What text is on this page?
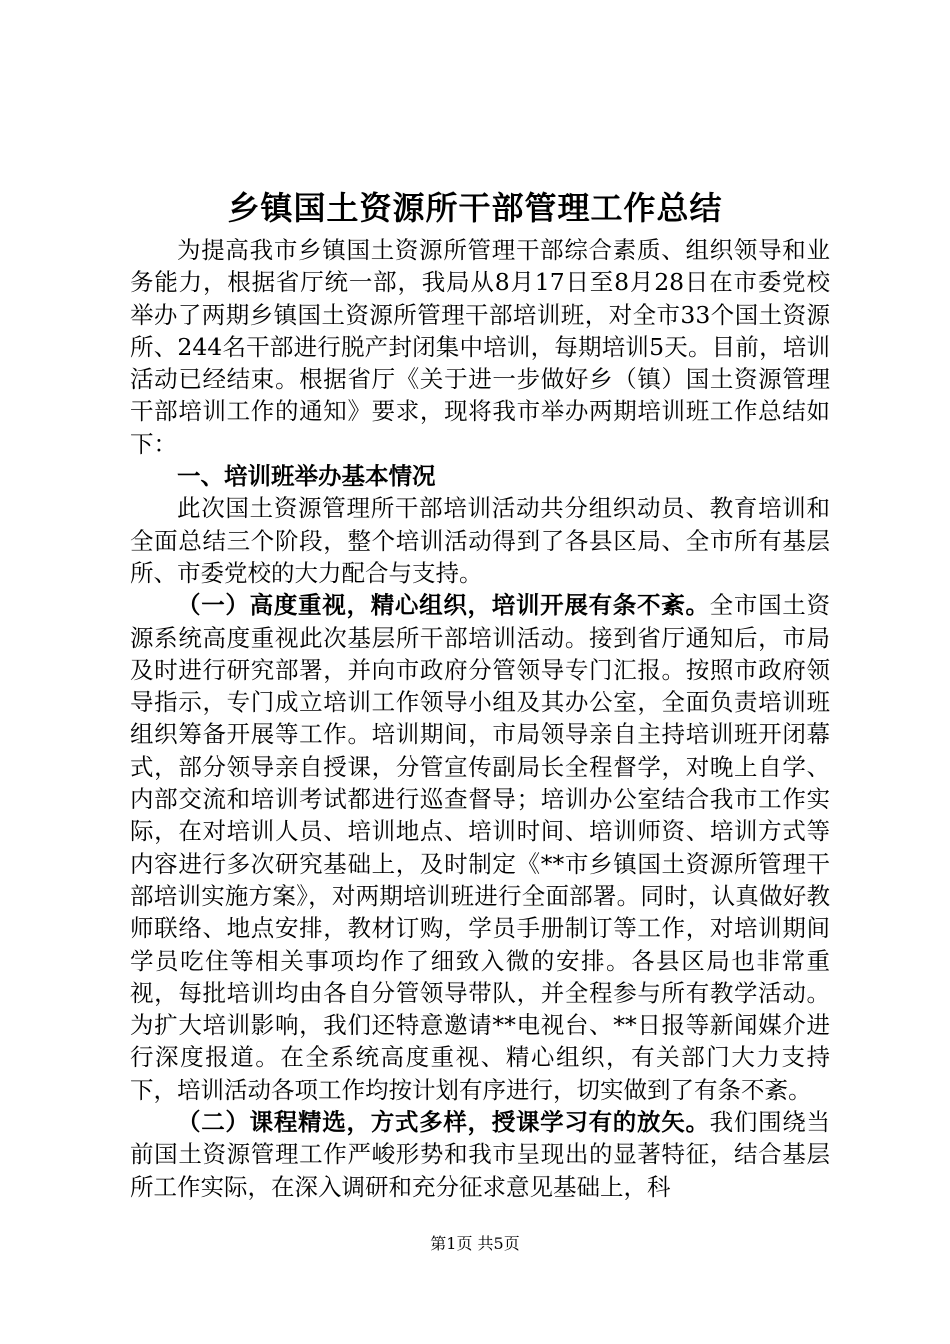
乡镇国土资源所干部管理工作总结

为提高我市乡镇国土资源所管理干部综合素质、组织领导和业务能力，根据省厅统一部，我局从8月17日至8月28日在市委党校举办了两期乡镇国土资源所管理干部培训班，对全市33个国土资源所、244名干部进行脱产封闭集中培训，每期培训5天。目前，培训活动已经结束。根据省厅《关于进一步做好乡（镇）国土资源管理干部培训工作的通知》要求，现将我市举办两期培训班工作总结如下：

一、培训班举办基本情况

此次国土资源管理所干部培训活动共分组织动员、教育培训和全面总结三个阶段，整个培训活动得到了各县区局、全市所有基层所、市委党校的大力配合与支持。

（一）高度重视，精心组织，培训开展有条不紊。全市国土资源系统高度重视此次基层所干部培训活动。接到省厅通知后，市局及时进行研究部署，并向市政府分管领导专门汇报。按照市政府领导指示，专门成立培训工作领导小组及其办公室，全面负责培训班组织筹备开展等工作。培训期间，市局领导亲自主持培训班开闭幕式，部分领导亲自授课，分管宣传副局长全程督学，对晚上自学、内部交流和培训考试都进行巡查督导；培训办公室结合我市工作实际，在对培训人员、培训地点、培训时间、培训师资、培训方式等内容进行多次研究基础上，及时制定《**市乡镇国土资源所管理干部培训实施方案》，对两期培训班进行全面部署。同时，认真做好教师联络、地点安排，教材订购，学员手册制订等工作，对培训期间学员吃住等相关事项均作了细致入微的安排。各县区局也非常重视，每批培训均由各自分管领导带队，并全程参与所有教学活动。为扩大培训影响，我们还特意邀请**电视台、**日报等新闻媒介进行深度报道。在全系统高度重视、精心组织，有关部门大力支持下，培训活动各项工作均按计划有序进行，切实做到了有条不紊。

（二）课程精选，方式多样，授课学习有的放矢。我们围绕当前国土资源管理工作严峻形势和我市呈现出的显著特征，结合基层所工作实际，在深入调研和充分征求意见基础上，科

第1页 共5页
